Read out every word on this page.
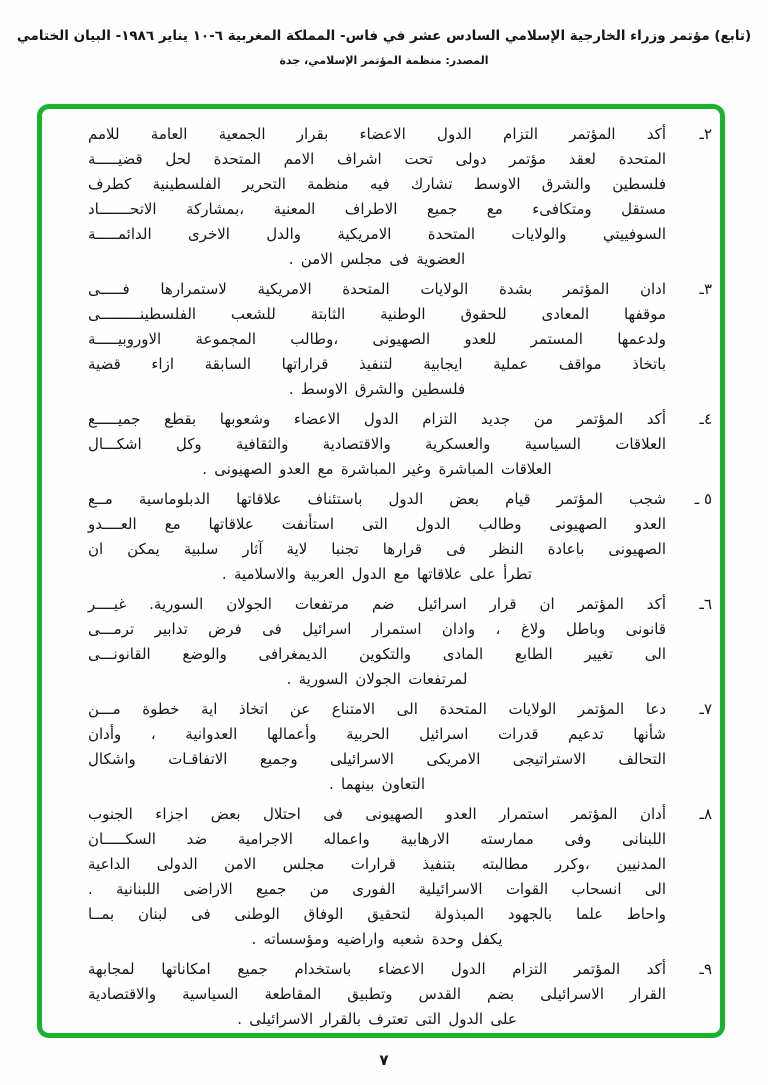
(تابع) مؤتمر وزراء الخارجية الإسلامي السادس عشر في فاس- المملكة المغربية ٦-١٠ يناير ١٩٨٦- البيان الختامي
المصدر: منظمة المؤتمر الإسلامي، جدة
٢ـ
أكد المؤتمر التزام الدول الاعضاء بقرار الجمعية العامة للامم
المتحدة لعقد مؤتمر دولى تحت اشراف الامم المتحدة لحل قضيـــــة
فلسطين والشرق الاوسط تشارك فيه منظمة التحرير الفلسطينية كطرف
مستقل ومتكافىء مع جميع الاطراف المعنية ،بمشاركة الاتحـــــــاد
السوفييتي والولايات المتحدة الامريكية والدل الاخرى الدائمـــــة
العضوية فى مجلس الامن .
٣ـ
ادان المؤتمر بشدة الولايات المتحدة الامريكية لاستمرارها فـــــى
موقفها المعادى للحقوق الوطنية الثابتة للشعب الفلسطينـــــــــى
ولدعمها المستمر للعدو الصهيونى ،وطالب المجموعة الاوروبيـــــة
باتخاذ مواقف عملية ايجابية لتنفيذ قراراتها السابقة ازاء قضية
فلسطين والشرق الاوسط .
٤ـ
أكد المؤتمر من جديد التزام الدول الاعضاء وشعوبها بقطع جميـــــع
العلاقات السياسية والعسكرية والاقتصادية والثقافية وكل اشكـــال
العلاقات المباشرة وغير المباشرة مع العدو الصهيونى .
٥ ـ
شجب المؤتمر قيام بعض الدول باستئناف علاقاتها الدبلوماسية مــع
العدو الصهيونى وطالب الدول التى استأنفت علاقاتها مع العــــدو
الصهيونى باعادة النظر فى قرارها تجنبا لاية آثار سلبية يمكن ان
تطرأ على علاقاتها مع الدول العربية والاسلامية .
٦ـ
أكد المؤتمر ان قرار اسرائيل ضم مرتفعات الجولان السورية. غيــــر
قانونى وباطل ولاغ ، وادان استمرار اسرائيل فى فرض تدابير ترمـــى
الى تغيير الطابع المادى والتكوين الديمغرافى والوضع القانونـــى
لمرتفعات الجولان السورية .
٧ـ
دعا المؤتمر الولايات المتحدة الى الامتناع عن اتخاذ اية خطوة مـــن
شأنها تدعيم قدرات اسرائيل الحربية وأعمالها العدوانية ، وأدان
التحالف الاستراتيجى الامريكى الاسرائيلى وجميع الاتفاقـات واشكال
التعاون بينهما .
٨ـ
أدان المؤتمر استمرار العدو الصهيونى فى احتلال بعض اجزاء الجنوب
اللبنانى وفى ممارسته الارهابية واعماله الاجرامية ضد السكـــــان
المدنيين ،وكرر مطالبته بتنفيذ قرارات مجلس الامن الدولى الداعية
الى انسحاب القوات الاسرائيلية الفورى من جميع الاراضى اللبنانية .
واحاط علما بالجهود المبذولة لتحقيق الوفاق الوطنى فى لبنان بمــا
يكفل وحدة شعبه واراضيه ومؤسساته .
٩ـ
أكد المؤتمر التزام الدول الاعضاء باستخدام جميع امكاناتها لمجابهة
القرار الاسرائيلى بضم القدس وتطبيق المقاطعة السياسية والاقتصادية
على الدول التى تعترف بالقرار الاسرائيلى .
٧
